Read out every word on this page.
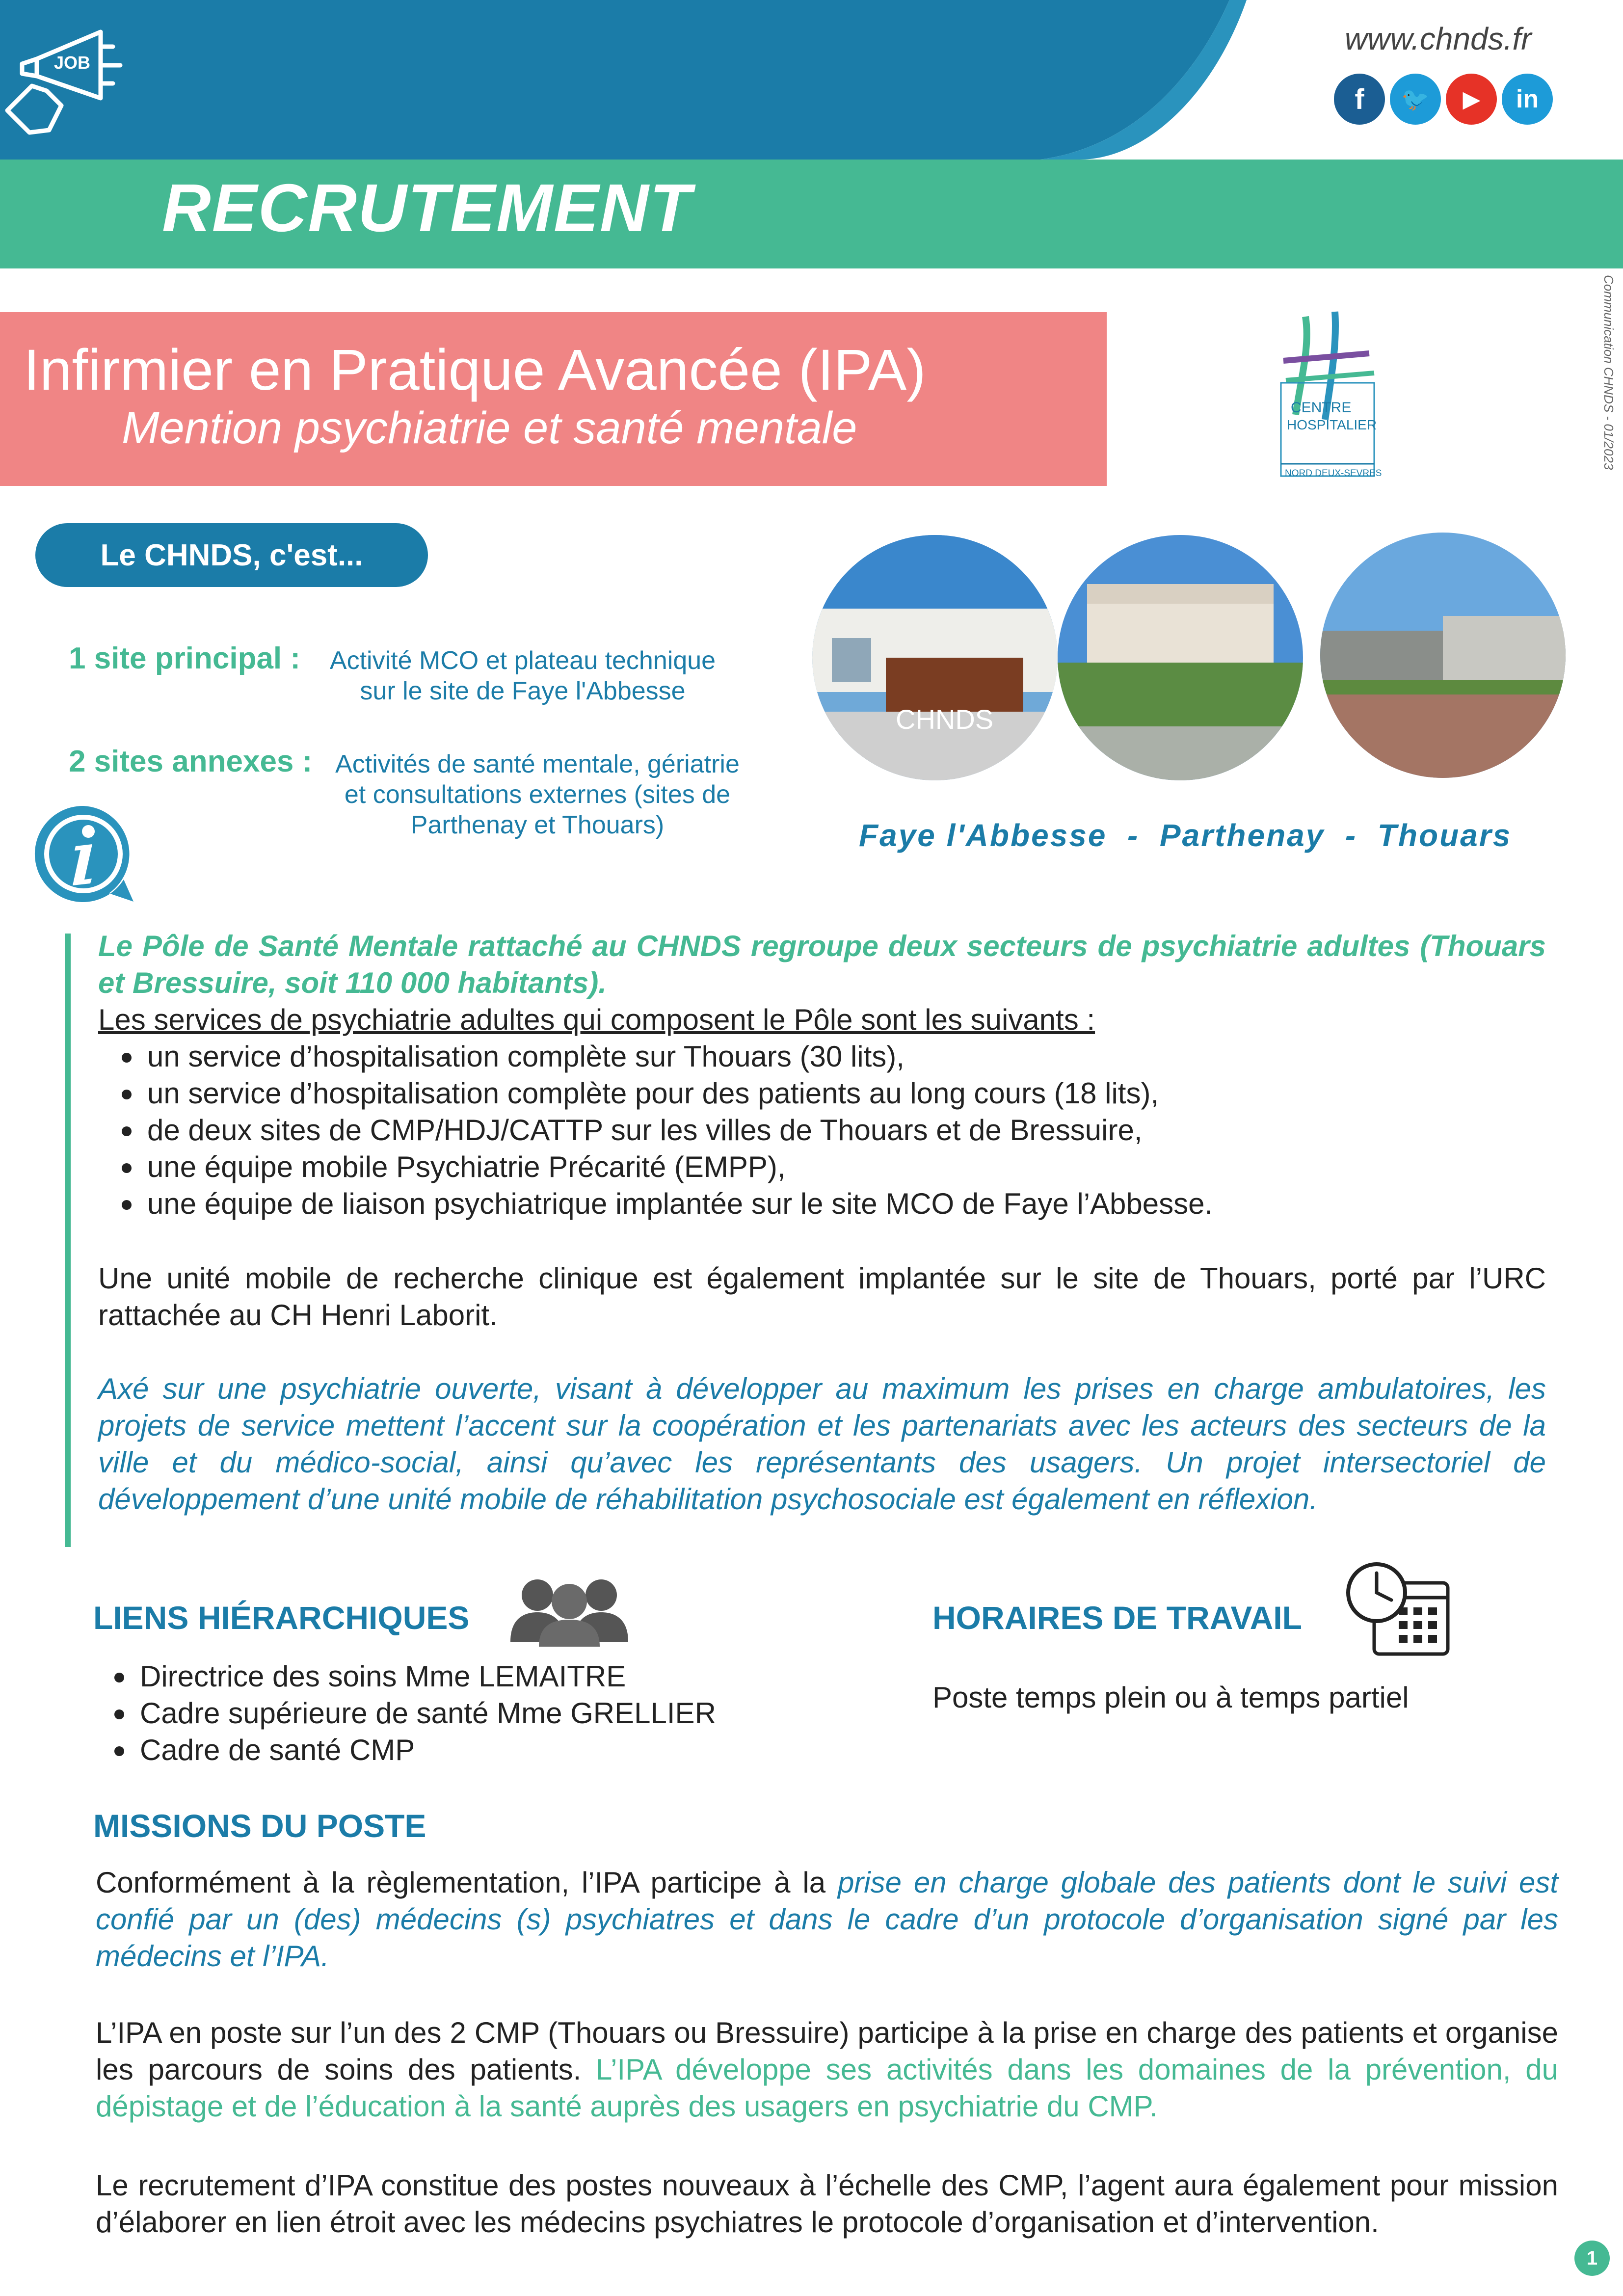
RECRUTEMENT
JOB
www.chnds.fr
f	🐦	▶	in
Communication CHNDS - 01/2023
Infirmier en Pratique Avancée (IPA)
Mention psychiatrie et santé mentale	CENTRE
HOSPITALIER
NORD DEUX-SEVRES
Le CHNDS, c'est...
1 site principal :	Activité MCO et plateau technique
sur le site de Faye l'Abbesse
2 sites annexes : Activités de santé mentale, gériatrie
et consultations externes (sites de
Parthenay et Thouars)
CHNDS
Faye l'Abbesse  -  Parthenay  -  Thouars
Le Pôle de Santé Mentale rattaché au CHNDS regroupe deux secteurs de psychiatrie adultes (Thouars et Bressuire, soit 110 000 habitants).
Les services de psychiatrie adultes qui composent le Pôle sont les suivants :
un service d’hospitalisation complète sur Thouars (30 lits),
un service d’hospitalisation complète pour des patients au long cours (18 lits),
de deux sites de CMP/HDJ/CATTP sur les villes de Thouars et de Bressuire,
une équipe mobile Psychiatrie Précarité (EMPP),
une équipe de liaison psychiatrique implantée sur le site MCO de Faye l’Abbesse.
Une unité mobile de recherche clinique est également implantée sur le site de Thouars, porté par l’URC rattachée au CH Henri Laborit.
Axé sur une psychiatrie ouverte, visant à développer au maximum les prises en charge ambulatoires, les projets de service mettent l’accent sur la coopération et les partenariats avec les acteurs des secteurs de la ville et du médico-social, ainsi qu’avec les représentants des usagers. Un projet intersectoriel de développement d’une unité mobile de réhabilitation psychosociale est également en réflexion.
LIENS HIÉRARCHIQUES
Directrice des soins Mme LEMAITRE
Cadre supérieure de santé Mme GRELLIER
Cadre de santé CMP
HORAIRES DE TRAVAIL
Poste temps plein ou à temps partiel
MISSIONS DU POSTE
Conformément à la règlementation, l’IPA participe à la prise en charge globale des patients dont le suivi est confié par un (des) médecins (s) psychiatres et dans le cadre d’un protocole d’organisation signé par les médecins et l’IPA.
L’IPA en poste sur l’un des 2 CMP (Thouars ou Bressuire) participe à la prise en charge des patients et organise les parcours de soins des patients. L’IPA développe ses activités dans les domaines de la prévention, du dépistage et de l’éducation à la santé auprès des usagers en psychiatrie du CMP.
Le recrutement d’IPA constitue des postes nouveaux à l’échelle des CMP, l’agent aura également pour mission d’élaborer en lien étroit avec les médecins psychiatres le protocole d’organisation et d’intervention.
1
